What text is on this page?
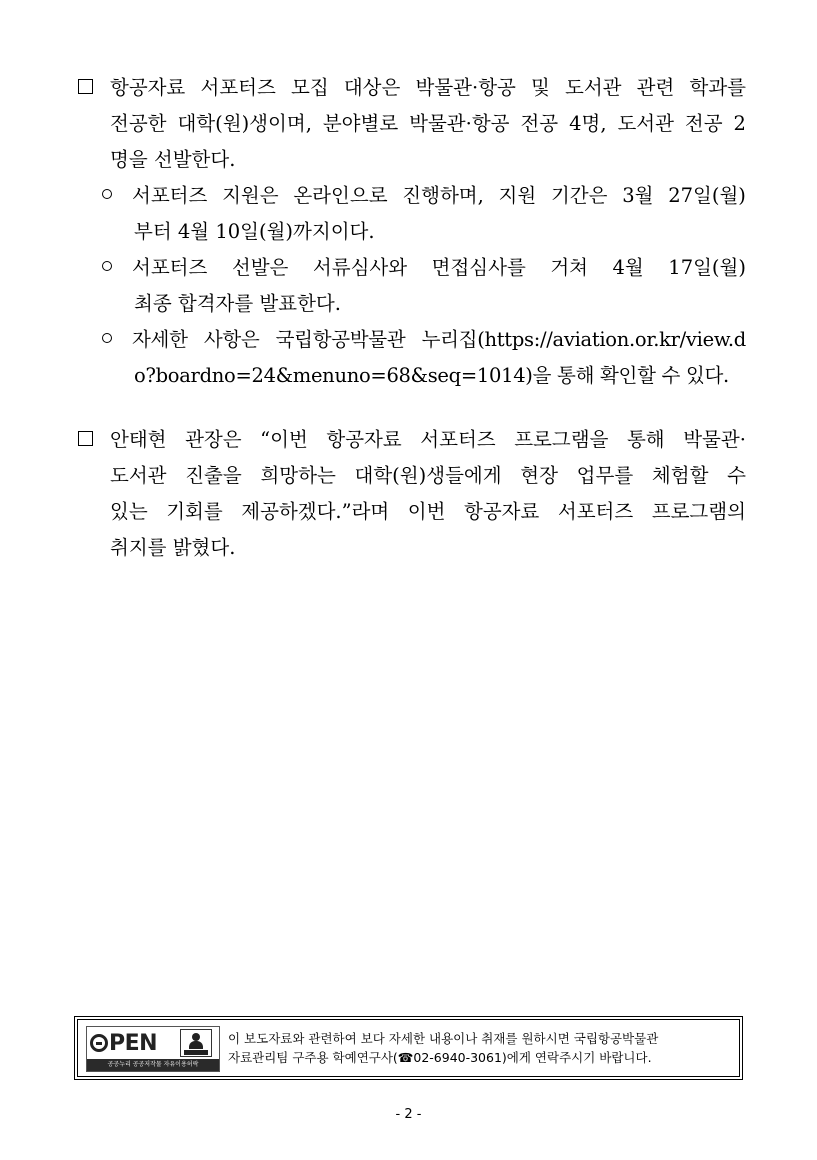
항공자료 서포터즈 모집 대상은 박물관·항공 및 도서관 관련 학과를
전공한 대학(원)생이며, 분야별로 박물관·항공 전공 4명, 도서관 전공 2
명을 선발한다.
서포터즈 지원은 온라인으로 진행하며, 지원 기간은 3월 27일(월)
부터 4월 10일(월)까지이다.
서포터즈 선발은 서류심사와 면접심사를 거쳐 4월 17일(월)
최종 합격자를 발표한다.
자세한 사항은 국립항공박물관 누리집(https://aviation.or.kr/view.d
o?boardno=24&menuno=68&seq=1014)을 통해 확인할 수 있다.
안태현 관장은 “이번 항공자료 서포터즈 프로그램을 통해 박물관·
도서관 진출을 희망하는 대학(원)생들에게 현장 업무를 체험할 수
있는 기회를 제공하겠다.”라며 이번 항공자료 서포터즈 프로그램의
취지를 밝혔다.
PEN
공공누리 공공저작물 자유이용허락
이 보도자료와 관련하여 보다 자세한 내용이나 취재를 원하시면 국립항공박물관
자료관리팀 구주용 학예연구사(☎02-6940-3061)에게 연락주시기 바랍니다.
- 2 -
